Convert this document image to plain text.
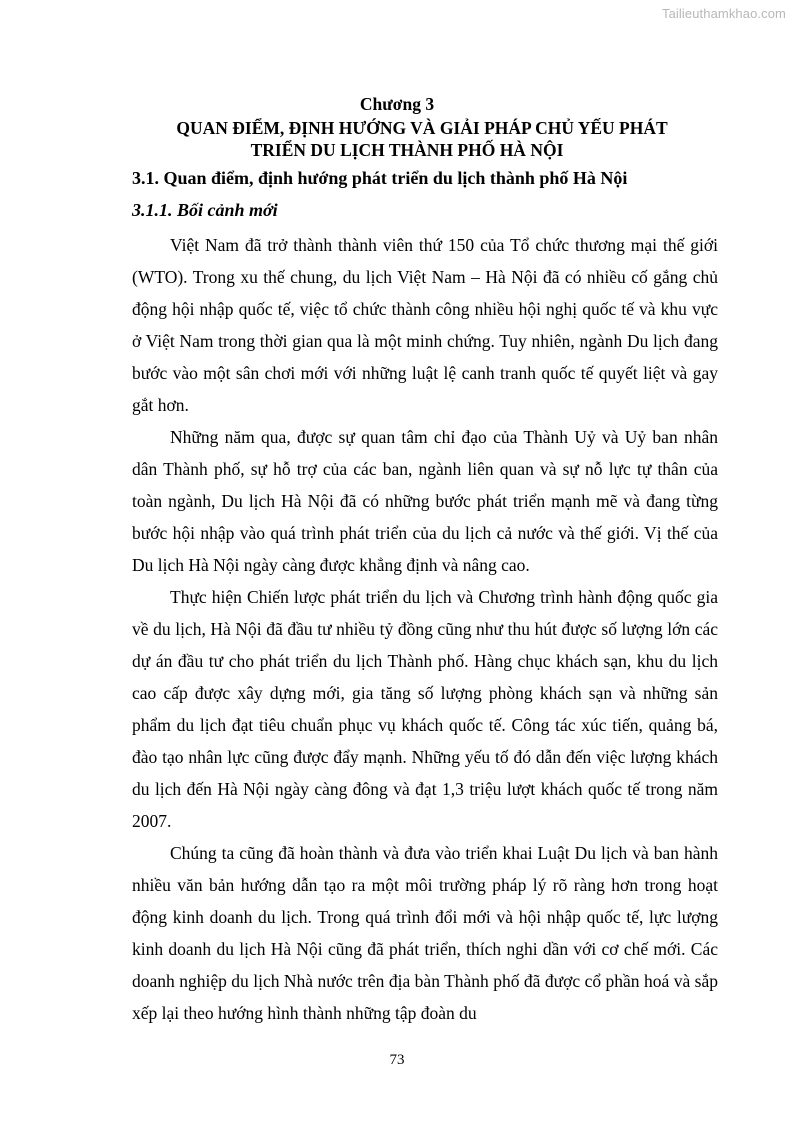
Tailieuthamkhao.com
Chương 3
QUAN ĐIỂM, ĐỊNH HƯỚNG VÀ GIẢI PHÁP CHỦ YẾU PHÁT
TRIỂN DU LỊCH THÀNH PHỐ HÀ NỘI
3.1. Quan điểm, định hướng phát triển du lịch thành phố Hà Nội
3.1.1. Bối cảnh mới

Việt Nam đã trở thành thành viên thứ 150 của Tổ chức thương mại thế giới (WTO). Trong xu thế chung, du lịch Việt Nam – Hà Nội đã có nhiều cố gắng chủ động hội nhập quốc tế, việc tổ chức thành công nhiều hội nghị quốc tế và khu vực ở Việt Nam trong thời gian qua là một minh chứng. Tuy nhiên, ngành Du lịch đang bước vào một sân chơi mới với những luật lệ canh tranh quốc tế quyết liệt và gay gắt hơn.

Những năm qua, được sự quan tâm chỉ đạo của Thành Uỷ và Uỷ ban nhân dân Thành phố, sự hỗ trợ của các ban, ngành liên quan và sự nỗ lực tự thân của toàn ngành, Du lịch Hà Nội đã có những bước phát triển mạnh mẽ và đang từng bước hội nhập vào quá trình phát triển của du lịch cả nước và thế giới. Vị thế của Du lịch Hà Nội ngày càng được khẳng định và nâng cao.

Thực hiện Chiến lược phát triển du lịch và Chương trình hành động quốc gia về du lịch, Hà Nội đã đầu tư nhiều tỷ đồng cũng như thu hút được số lượng lớn các dự án đầu tư cho phát triển du lịch Thành phố. Hàng chục khách sạn, khu du lịch cao cấp được xây dựng mới, gia tăng số lượng phòng khách sạn và những sản phẩm du lịch đạt tiêu chuẩn phục vụ khách quốc tế. Công tác xúc tiến, quảng bá, đào tạo nhân lực cũng được đẩy mạnh. Những yếu tố đó dẫn đến việc lượng khách du lịch đến Hà Nội ngày càng đông và đạt 1,3 triệu lượt khách quốc tế trong năm 2007.

Chúng ta cũng đã hoàn thành và đưa vào triển khai Luật Du lịch và ban hành nhiều văn bản hướng dẫn tạo ra một môi trường pháp lý rõ ràng hơn trong hoạt động kinh doanh du lịch. Trong quá trình đổi mới và hội nhập quốc tế, lực lượng kinh doanh du lịch Hà Nội cũng đã phát triển, thích nghi dần với cơ chế mới. Các doanh nghiệp du lịch Nhà nước trên địa bàn Thành phố đã được cổ phần hoá và sắp xếp lại theo hướng hình thành những tập đoàn du

73
